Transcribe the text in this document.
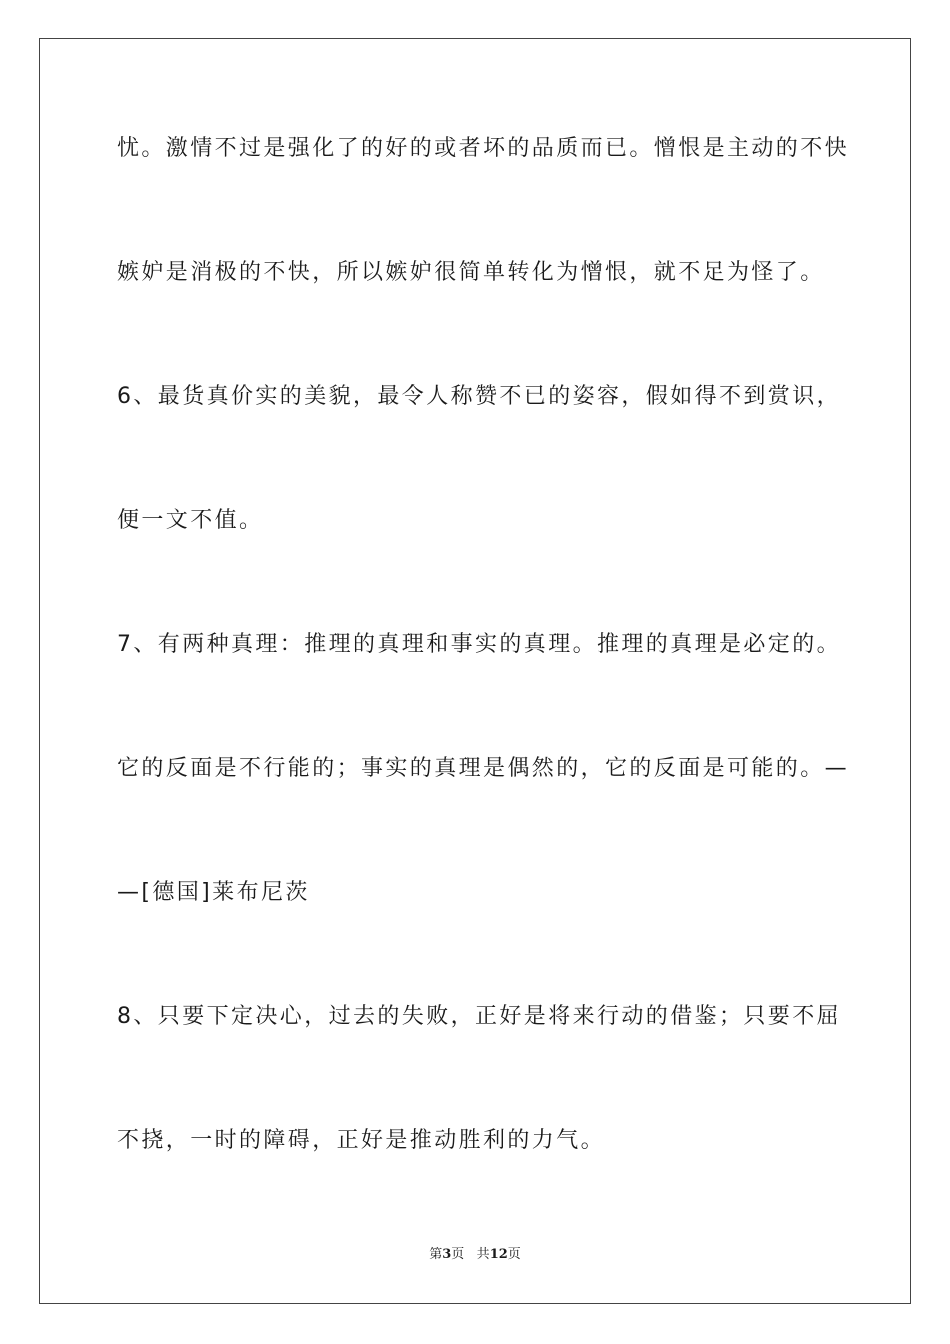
忧。激情不过是强化了的好的或者坏的品质而已。憎恨是主动的不快
嫉妒是消极的不快，所以嫉妒很简单转化为憎恨，就不足为怪了。
6、最货真价实的美貌，最令人称赞不已的姿容，假如得不到赏识，
便一文不值。
7、有两种真理：推理的真理和事实的真理。推理的真理是必定的。
它的反面是不行能的；事实的真理是偶然的，它的反面是可能的。—
—[德国]莱布尼茨
8、只要下定决心，过去的失败，正好是将来行动的借鉴；只要不屈
不挠，一时的障碍，正好是推动胜利的力气。
第3页 共12页
